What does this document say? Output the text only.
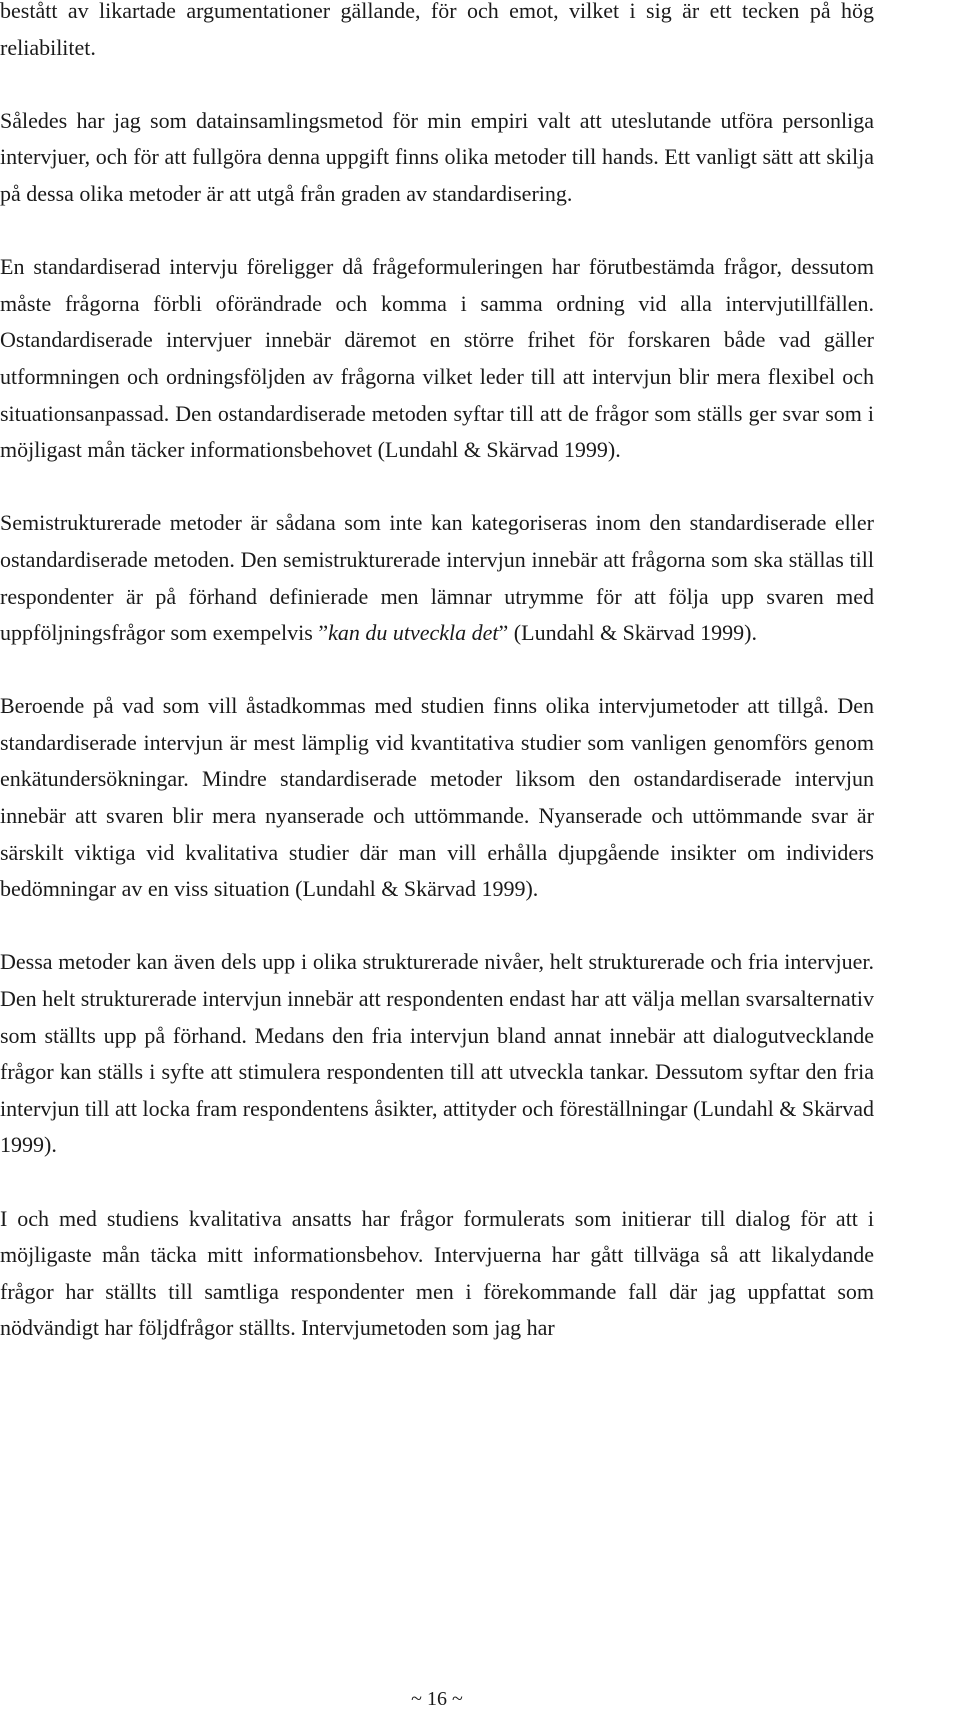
bestått av likartade argumentationer gällande, för och emot, vilket i sig är ett tecken på hög reliabilitet.

Således har jag som datainsamlingsmetod för min empiri valt att uteslutande utföra personliga intervjuer, och för att fullgöra denna uppgift finns olika metoder till hands. Ett vanligt sätt att skilja på dessa olika metoder är att utgå från graden av standardisering.

En standardiserad intervju föreligger då frågeformuleringen har förutbestämda frågor, dessutom måste frågorna förbli oförändrade och komma i samma ordning vid alla intervjutillfällen. Ostandardiserade intervjuer innebär däremot en större frihet för forskaren både vad gäller utformningen och ordningsföljden av frågorna vilket leder till att intervjun blir mera flexibel och situationsanpassad. Den ostandardiserade metoden syftar till att de frågor som ställs ger svar som i möjligast mån täcker informationsbehovet (Lundahl & Skärvad 1999).

Semistrukturerade metoder är sådana som inte kan kategoriseras inom den standardiserade eller ostandardiserade metoden. Den semistrukturerade intervjun innebär att frågorna som ska ställas till respondenter är på förhand definierade men lämnar utrymme för att följa upp svaren med uppföljningsfrågor som exempelvis ”kan du utveckla det” (Lundahl & Skärvad 1999).

Beroende på vad som vill åstadkommas med studien finns olika intervjumetoder att tillgå. Den standardiserade intervjun är mest lämplig vid kvantitativa studier som vanligen genomförs genom enkätundersökningar. Mindre standardiserade metoder liksom den ostandardiserade intervjun innebär att svaren blir mera nyanserade och uttömmande. Nyanserade och uttömmande svar är särskilt viktiga vid kvalitativa studier där man vill erhålla djupgående insikter om individers bedömningar av en viss situation (Lundahl & Skärvad 1999).

Dessa metoder kan även dels upp i olika strukturerade nivåer, helt strukturerade och fria intervjuer. Den helt strukturerade intervjun innebär att respondenten endast har att välja mellan svarsalternativ som ställts upp på förhand. Medans den fria intervjun bland annat innebär att dialogutvecklande frågor kan ställs i syfte att stimulera respondenten till att utveckla tankar. Dessutom syftar den fria intervjun till att locka fram respondentens åsikter, attityder och föreställningar (Lundahl & Skärvad 1999).

I och med studiens kvalitativa ansatts har frågor formulerats som initierar till dialog för att i möjligaste mån täcka mitt informationsbehov. Intervjuerna har gått tillväga så att likalydande frågor har ställts till samtliga respondenter men i förekommande fall där jag uppfattat som nödvändigt har följdfrågor ställts. Intervjumetoden som jag har

~ 16 ~
